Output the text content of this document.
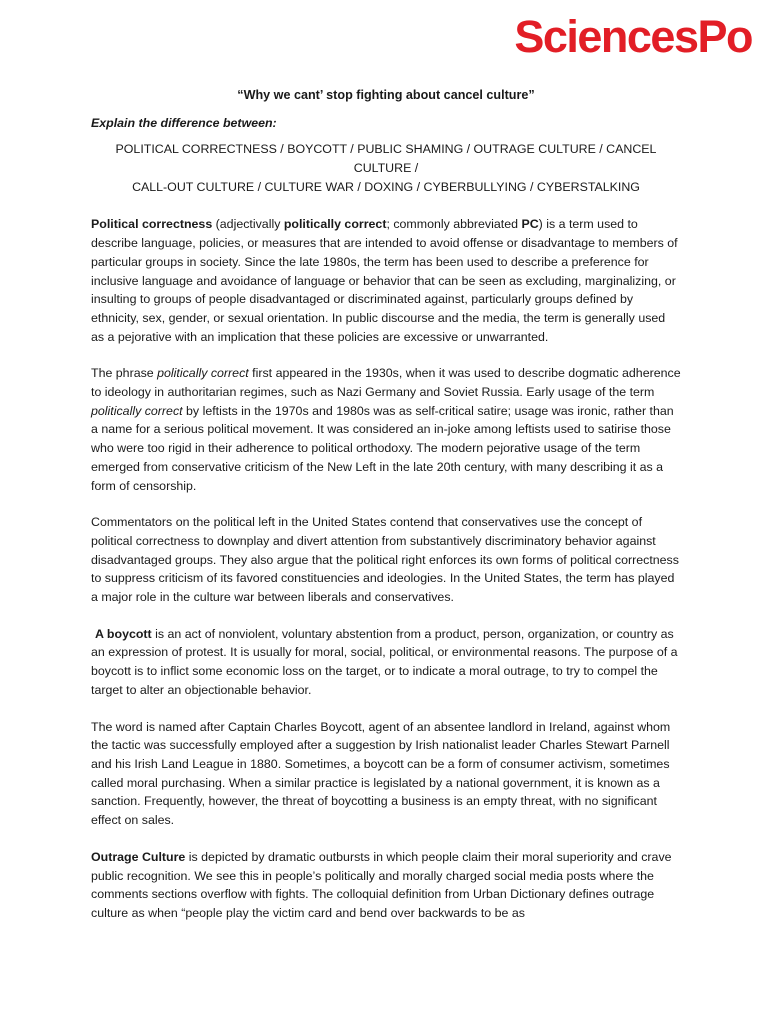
SciencesPo
“Why we cant’ stop fighting about cancel culture”
Explain the difference between:
POLITICAL CORRECTNESS / BOYCOTT / PUBLIC SHAMING / OUTRAGE CULTURE / CANCEL CULTURE /
CALL-OUT CULTURE / CULTURE WAR / DOXING / CYBERBULLYING / CYBERSTALKING

Political correctness (adjectivally politically correct; commonly abbreviated PC) is a term used to describe language, policies, or measures that are intended to avoid offense or disadvantage to members of particular groups in society. Since the late 1980s, the term has been used to describe a preference for inclusive language and avoidance of language or behavior that can be seen as excluding, marginalizing, or insulting to groups of people disadvantaged or discriminated against, particularly groups defined by ethnicity, sex, gender, or sexual orientation. In public discourse and the media, the term is generally used as a pejorative with an implication that these policies are excessive or unwarranted.

The phrase politically correct first appeared in the 1930s, when it was used to describe dogmatic adherence to ideology in authoritarian regimes, such as Nazi Germany and Soviet Russia. Early usage of the term politically correct by leftists in the 1970s and 1980s was as self-critical satire; usage was ironic, rather than a name for a serious political movement. It was considered an in-joke among leftists used to satirise those who were too rigid in their adherence to political orthodoxy. The modern pejorative usage of the term emerged from conservative criticism of the New Left in the late 20th century, with many describing it as a form of censorship.

Commentators on the political left in the United States contend that conservatives use the concept of political correctness to downplay and divert attention from substantively discriminatory behavior against disadvantaged groups. They also argue that the political right enforces its own forms of political correctness to suppress criticism of its favored constituencies and ideologies. In the United States, the term has played a major role in the culture war between liberals and conservatives.

A boycott is an act of nonviolent, voluntary abstention from a product, person, organization, or country as an expression of protest. It is usually for moral, social, political, or environmental reasons. The purpose of a boycott is to inflict some economic loss on the target, or to indicate a moral outrage, to try to compel the target to alter an objectionable behavior.

The word is named after Captain Charles Boycott, agent of an absentee landlord in Ireland, against whom the tactic was successfully employed after a suggestion by Irish nationalist leader Charles Stewart Parnell and his Irish Land League in 1880. Sometimes, a boycott can be a form of consumer activism, sometimes called moral purchasing. When a similar practice is legislated by a national government, it is known as a sanction. Frequently, however, the threat of boycotting a business is an empty threat, with no significant effect on sales.

Outrage Culture is depicted by dramatic outbursts in which people claim their moral superiority and crave public recognition. We see this in people’s politically and morally charged social media posts where the comments sections overflow with fights. The colloquial definition from Urban Dictionary defines outrage culture as when “people play the victim card and bend over backwards to be as
